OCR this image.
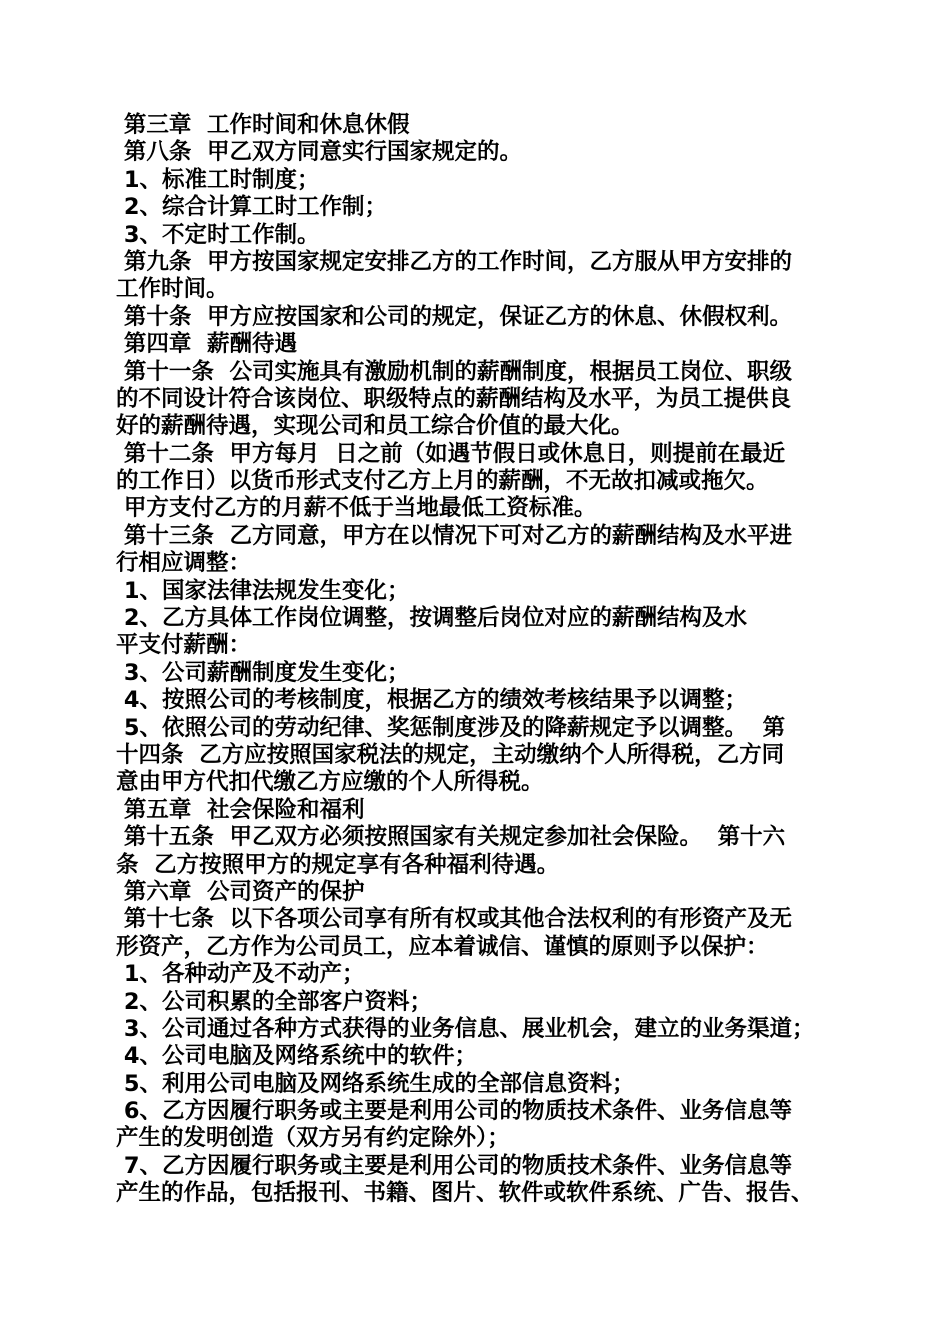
第三章  工作时间和休息休假
第八条  甲乙双方同意实行国家规定的。
1、标准工时制度；
2、综合计算工时工作制；
3、不定时工作制。
第九条  甲方按国家规定安排乙方的工作时间，乙方服从甲方安排的
工作时间。
第十条  甲方应按国家和公司的规定，保证乙方的休息、休假权利。
第四章  薪酬待遇
第十一条  公司实施具有激励机制的薪酬制度，根据员工岗位、职级
的不同设计符合该岗位、职级特点的薪酬结构及水平，为员工提供良
好的薪酬待遇，实现公司和员工综合价值的最大化。
第十二条  甲方每月  日之前（如遇节假日或休息日，则提前在最近
的工作日）以货币形式支付乙方上月的薪酬，不无故扣减或拖欠。
甲方支付乙方的月薪不低于当地最低工资标准。
第十三条  乙方同意，甲方在以情况下可对乙方的薪酬结构及水平进
行相应调整：
1、国家法律法规发生变化；
2、乙方具体工作岗位调整，按调整后岗位对应的薪酬结构及水
平支付薪酬：
3、公司薪酬制度发生变化；
4、按照公司的考核制度，根据乙方的绩效考核结果予以调整；
5、依照公司的劳动纪律、奖惩制度涉及的降薪规定予以调整。  第
十四条  乙方应按照国家税法的规定，主动缴纳个人所得税，乙方同
意由甲方代扣代缴乙方应缴的个人所得税。
第五章  社会保险和福利
第十五条  甲乙双方必须按照国家有关规定参加社会保险。  第十六
条  乙方按照甲方的规定享有各种福利待遇。
第六章  公司资产的保护
第十七条  以下各项公司享有所有权或其他合法权利的有形资产及无
形资产，乙方作为公司员工，应本着诚信、谨慎的原则予以保护：
1、各种动产及不动产；
2、公司积累的全部客户资料；
3、公司通过各种方式获得的业务信息、展业机会，建立的业务渠道；
4、公司电脑及网络系统中的软件；
5、利用公司电脑及网络系统生成的全部信息资料；
6、乙方因履行职务或主要是利用公司的物质技术条件、业务信息等
产生的发明创造（双方另有约定除外）；
7、乙方因履行职务或主要是利用公司的物质技术条件、业务信息等
产生的作品，包括报刊、书籍、图片、软件或软件系统、广告、报告、
